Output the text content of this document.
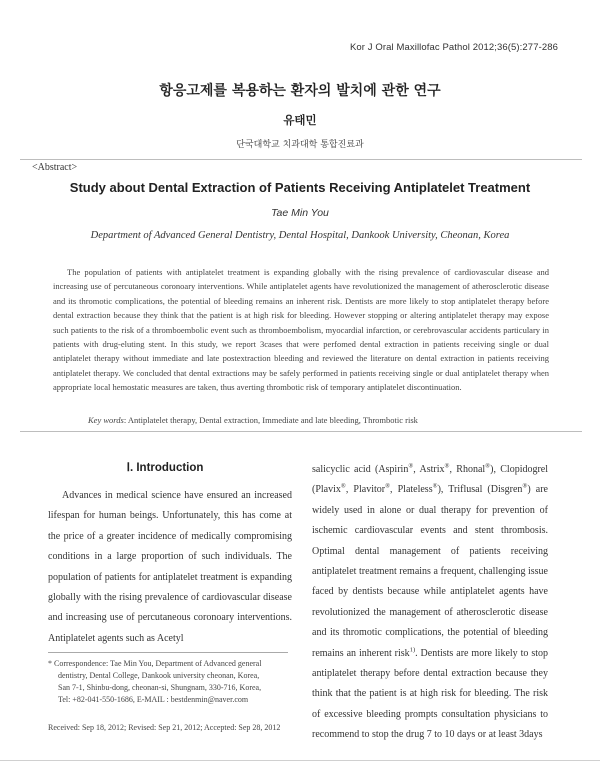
Kor J Oral Maxillofac Pathol 2012;36(5):277-286
항응고제를 복용하는 환자의 발치에 관한 연구
유태민
단국대학교 치과대학 통합진료과
<Abstract>
Study about Dental Extraction of Patients Receiving Antiplatelet Treatment
Tae Min You
Department of Advanced General Dentistry, Dental Hospital, Dankook University, Cheonan, Korea

The population of patients with antiplatelet treatment is expanding globally with the rising prevalence of cardiovascular disease and increasing use of percutaneous coronoary interventions. While antiplatelet agents have revolutionized the management of atherosclerotic disease and its thromotic complications, the potential of bleeding remains an inherent risk. Dentists are more likely to stop antiplatelet therapy before dental extraction because they think that the patient is at high risk for bleeding. However stopping or altering antiplatelet therapy may expose such patients to the risk of a thromboembolic event such as thromboembolism, myocardial infarction, or cerebrovascular accidents particulary in patients with drug-eluting stent. In this study, we report 3cases that were perfomed dental extraction in patients receiving single or dual antiplatelet therapy without immediate and late postextraction bleeding and reviewed the literature on dental extraction in patients receiving antiplatelet therapy. We concluded that dental extractions may be safely performed in patients receiving single or dual antiplatelet therapy when appropriate local hemostatic measures are taken, thus averting thrombotic risk of temporary antiplatelet discontinuation.

Key words: Antiplatelet therapy, Dental extraction, Immediate and late bleeding, Thrombotic risk
Ⅰ. Introduction

Advances in medical science have ensured an increased lifespan for human beings. Unfortunately, this has come at the price of a greater incidence of medically compromising conditions in a large proportion of such individuals. The population of patients for antiplatelet treatment is expanding globally with the rising prevalence of cardiovascular disease and increasing use of percutaneous coronoary interventions. Antiplatelet agents such as Acetyl

salicyclic acid (Aspirin®, Astrix®, Rhonal®), Clopidogrel (Plavix®, Plavitor®, Plateless®), Triflusal (Disgren®) are widely used in alone or dual therapy for prevention of ischemic cardiovascular events and stent thrombosis. Optimal dental management of patients receiving antiplatelet treatment remains a frequent, challenging issue faced by dentists because while antiplatelet agents have revolutionized the management of atherosclerotic disease and its thromotic complications, the potential of bleeding remains an inherent risk$^{1)}$. Dentists are more likely to stop antiplatelet therapy before dental extraction because they think that the patient is at high risk for bleeding. The risk of excessive bleeding prompts consultation physicians to recommend to stop the drug 7 to 10 days or at least 3days

* Correspondence: Tae Min You, Department of Advanced general
dentistry, Dental College, Dankook university cheonan, Korea,
San 7-1, Shinbu-dong, cheonan-si, Shungnam, 330-716, Korea,
Tel: +82-041-550-1686, E-MAIL : bestdenmin@naver.com
Received: Sep 18, 2012; Revised: Sep 21, 2012; Accepted: Sep 28, 2012
